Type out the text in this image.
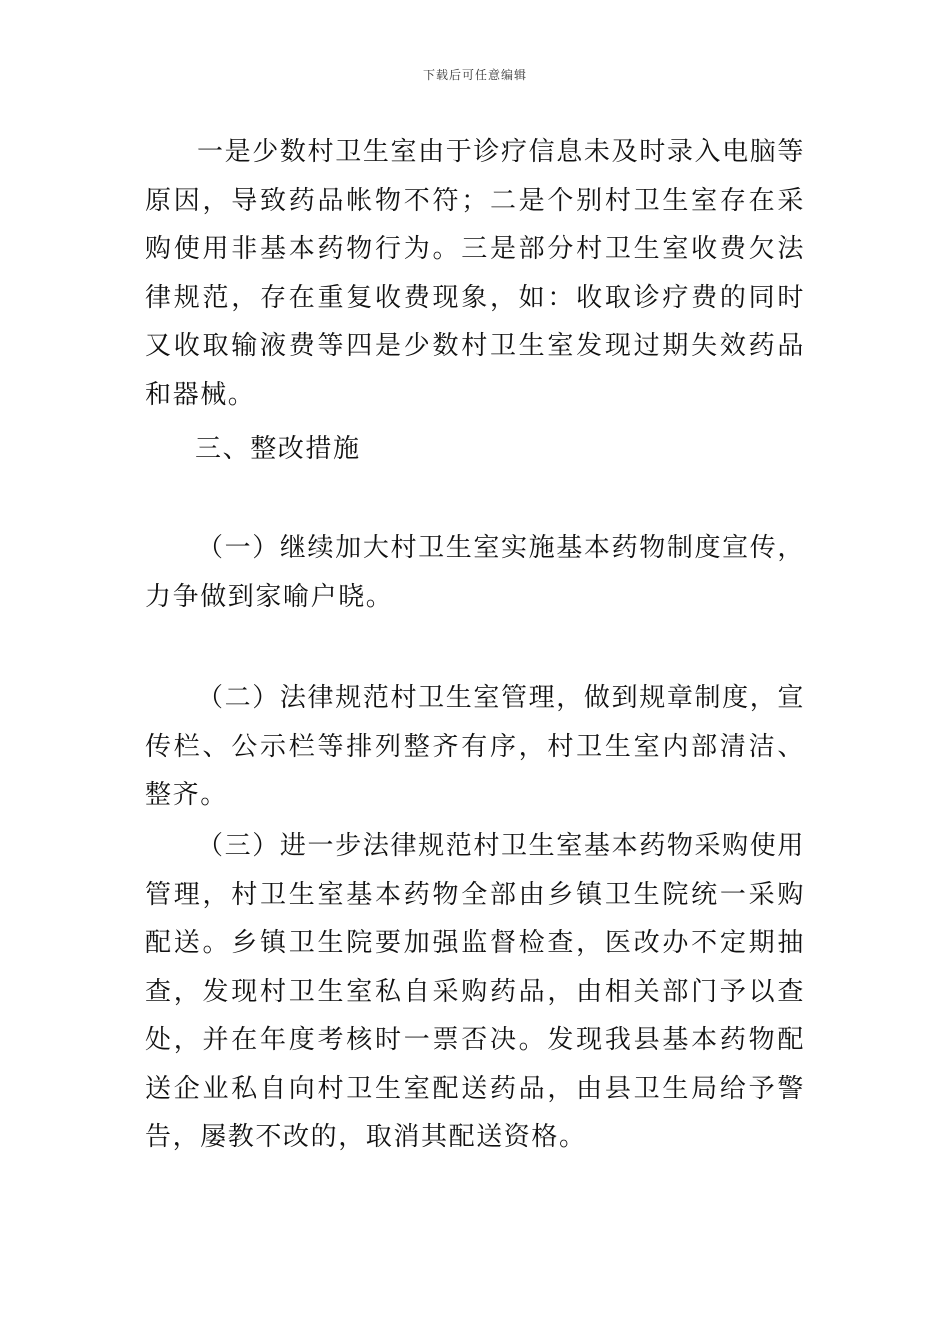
下载后可任意编辑

一是少数村卫生室由于诊疗信息未及时录入电脑等原因，导致药品帐物不符；二是个别村卫生室存在采购使用非基本药物行为。三是部分村卫生室收费欠法律规范，存在重复收费现象，如：收取诊疗费的同时又收取输液费等四是少数村卫生室发现过期失效药品和器械。

三、整改措施

（一）继续加大村卫生室实施基本药物制度宣传，力争做到家喻户晓。

（二）法律规范村卫生室管理，做到规章制度，宣传栏、公示栏等排列整齐有序，村卫生室内部清洁、整齐。

（三）进一步法律规范村卫生室基本药物采购使用管理，村卫生室基本药物全部由乡镇卫生院统一采购配送。乡镇卫生院要加强监督检查，医改办不定期抽查，发现村卫生室私自采购药品，由相关部门予以查处，并在年度考核时一票否决。发现我县基本药物配送企业私自向村卫生室配送药品，由县卫生局给予警告，屡教不改的，取消其配送资格。
